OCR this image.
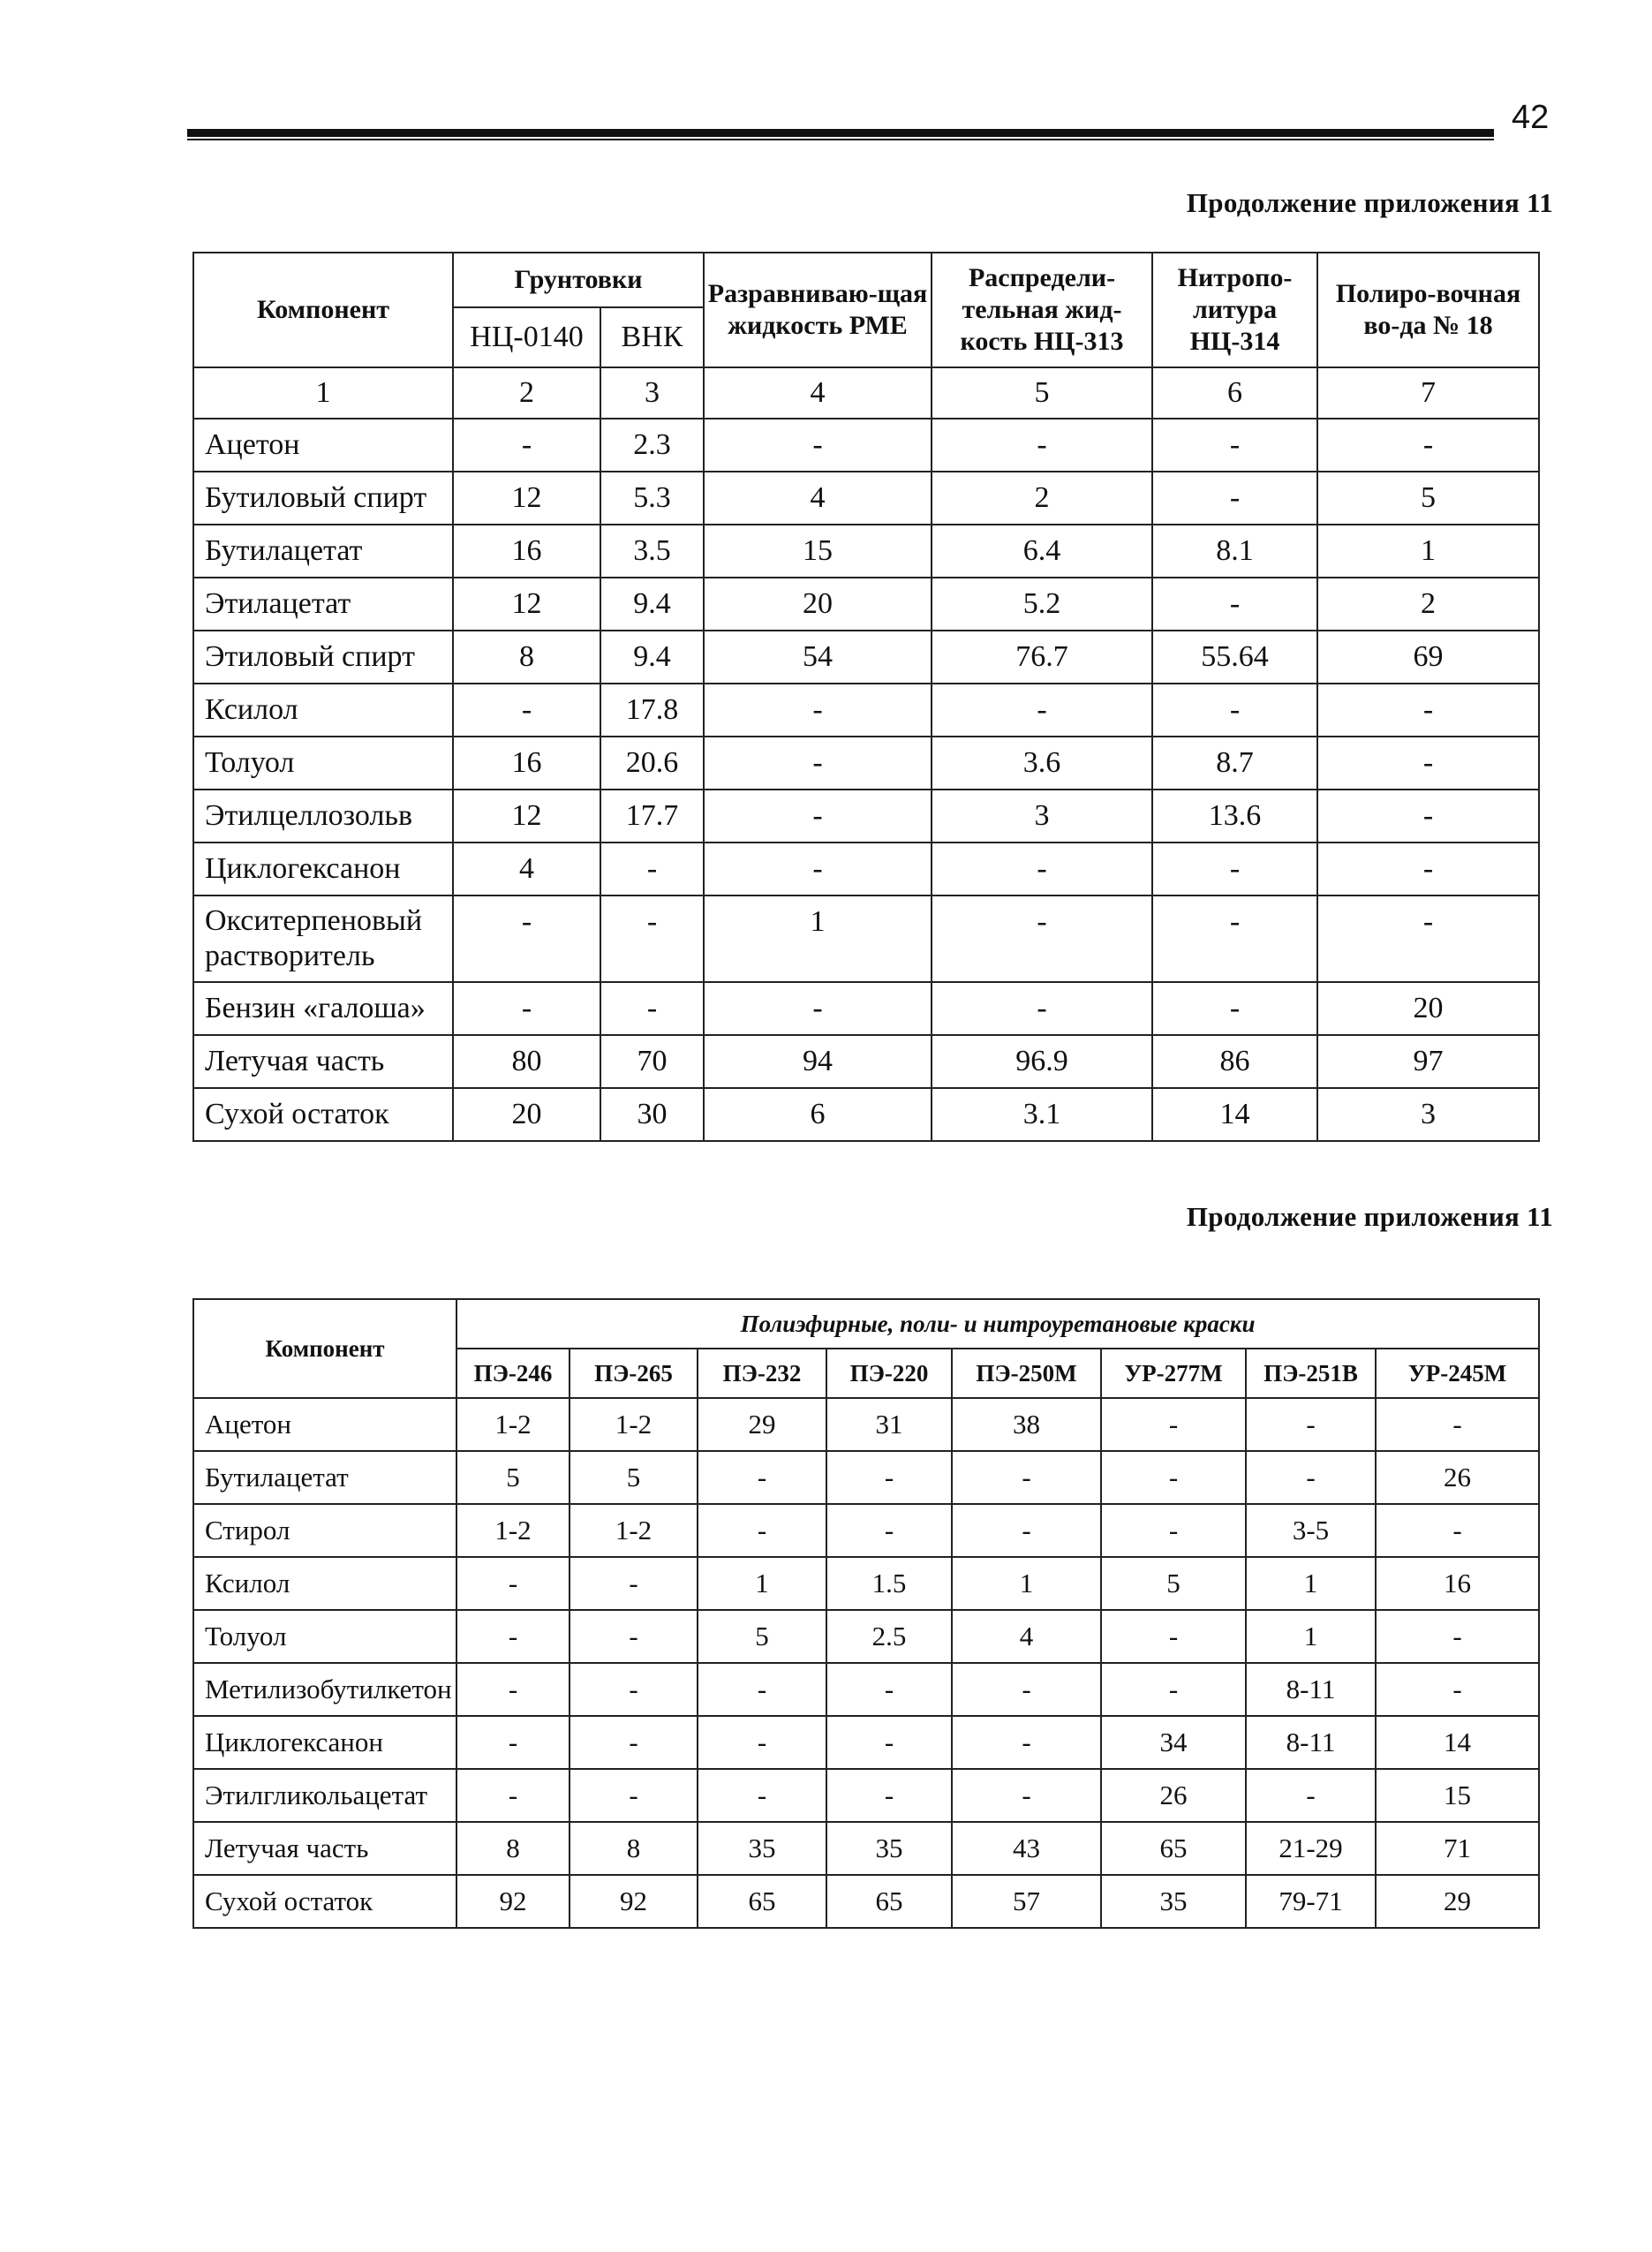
42
Продолжение приложения 11
Компонент	Грунтовки		Разравниваю-щая жидкость РМЕ	Распредели-тельная жид-кость НЦ-313	Нитропо-литура НЦ-314	Полиро-вочная во-да № 18
	НЦ-0140	ВНК				
1	2	3	4	5	6	7
Ацетон	-	2.3	-	-	-	-
Бутиловый спирт	12	5.3	4	2	-	5
Бутилацетат	16	3.5	15	6.4	8.1	1
Этилацетат	12	9.4	20	5.2	-	2
Этиловый спирт	8	9.4	54	76.7	55.64	69
Ксилол	-	17.8	-	-	-	-
Толуол	16	20.6	-	3.6	8.7	-
Этилцеллозольв	12	17.7	-	3	13.6	-
Циклогексанон	4	-	-	-	-	-
Окситерпеновый растворитель	-	-	1	-	-	-
Бензин «галоша»	-	-	-	-	-	20
Летучая часть	80	70	94	96.9	86	97
Сухой остаток	20	30	6	3.1	14	3
Продолжение приложения 11
Компонент	Полиэфирные, поли- и нитроуретановые краски							
	ПЭ-246	ПЭ-265	ПЭ-232	ПЭ-220	ПЭ-250М	УР-277М	ПЭ-251В	УР-245М
Ацетон	1-2	1-2	29	31	38	-	-	-
Бутилацетат	5	5	-	-	-	-	-	26
Стирол	1-2	1-2	-	-	-	-	3-5	-
Ксилол	-	-	1	1.5	1	5	1	16
Толуол	-	-	5	2.5	4	-	1	-
Метилизобутилкетон	-	-	-	-	-	-	8-11	-
Циклогексанон	-	-	-	-	-	34	8-11	14
Этилгликольацетат	-	-	-	-	-	26	-	15
Летучая часть	8	8	35	35	43	65	21-29	71
Сухой остаток	92	92	65	65	57	35	79-71	29
